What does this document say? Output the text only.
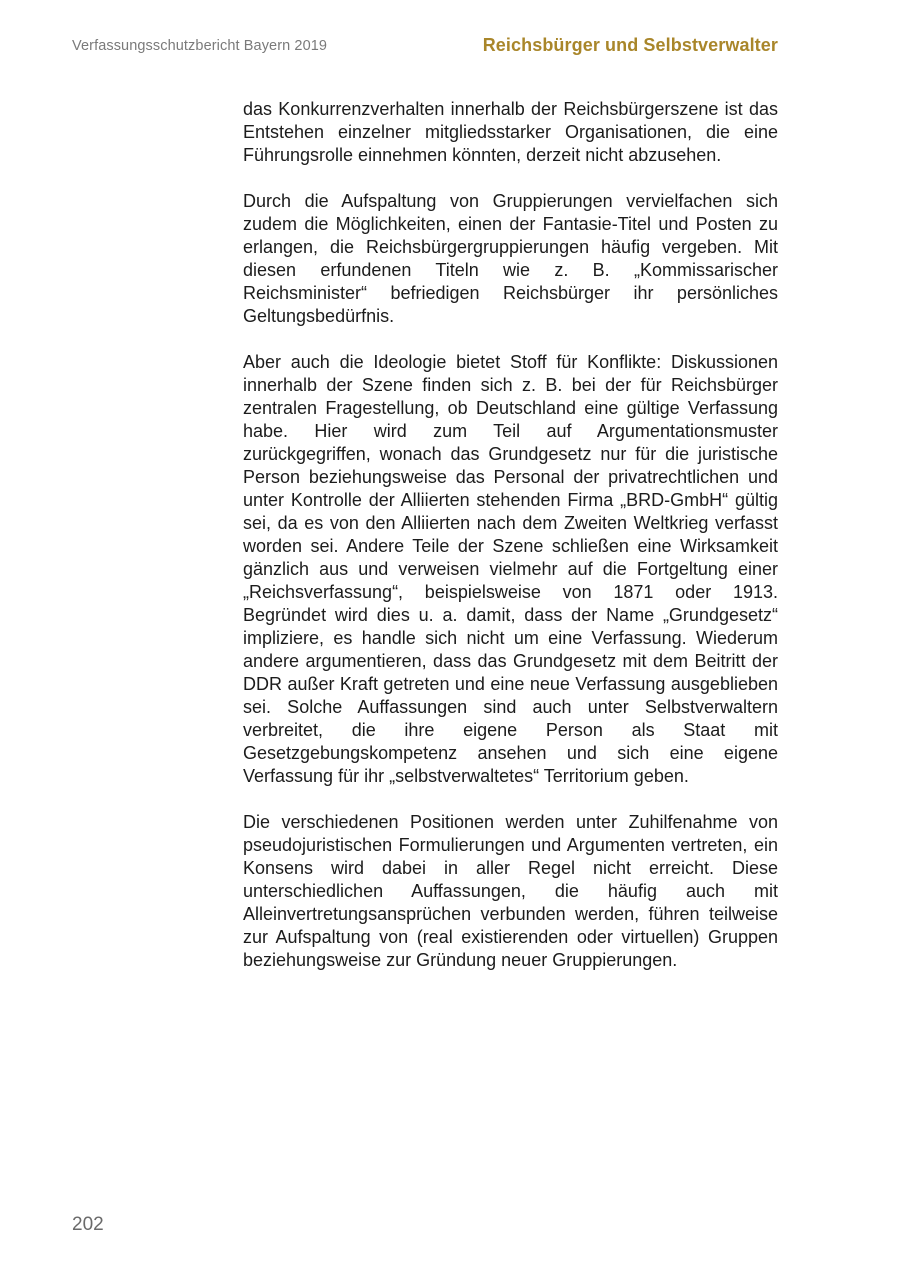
Verfassungsschutzbericht Bayern 2019	Reichsbürger und Selbstverwalter

das Konkurrenzverhalten innerhalb der Reichsbürgerszene ist das Entstehen einzelner mitgliedsstarker Organisationen, die eine Führungsrolle einnehmen könnten, derzeit nicht abzusehen.

Durch die Aufspaltung von Gruppierungen vervielfachen sich zudem die Möglichkeiten, einen der Fantasie-Titel und Posten zu erlangen, die Reichsbürgergruppierungen häufig vergeben. Mit diesen erfundenen Titeln wie z. B. „Kommissarischer Reichsminister“ befriedigen Reichsbürger ihr persönliches Geltungsbedürfnis.

Aber auch die Ideologie bietet Stoff für Konflikte: Diskussionen innerhalb der Szene finden sich z. B. bei der für Reichsbürger zentralen Fragestellung, ob Deutschland eine gültige Verfassung habe. Hier wird zum Teil auf Argumentationsmuster zurückgegriffen, wonach das Grundgesetz nur für die juristische Person beziehungsweise das Personal der privatrechtlichen und unter Kontrolle der Alliierten stehenden Firma „BRD-GmbH“ gültig sei, da es von den Alliierten nach dem Zweiten Weltkrieg verfasst worden sei. Andere Teile der Szene schließen eine Wirksamkeit gänzlich aus und verweisen vielmehr auf die Fortgeltung einer „Reichsverfassung“, beispielsweise von 1871 oder 1913. Begründet wird dies u. a. damit, dass der Name „Grundgesetz“ impliziere, es handle sich nicht um eine Verfassung. Wiederum andere argumentieren, dass das Grundgesetz mit dem Beitritt der DDR außer Kraft getreten und eine neue Verfassung ausgeblieben sei. Solche Auffassungen sind auch unter Selbstverwaltern verbreitet, die ihre eigene Person als Staat mit Gesetzgebungskompetenz ansehen und sich eine eigene Verfassung für ihr „selbstverwaltetes“ Territorium geben.

Die verschiedenen Positionen werden unter Zuhilfenahme von pseudojuristischen Formulierungen und Argumenten vertreten, ein Konsens wird dabei in aller Regel nicht erreicht. Diese unterschiedlichen Auffassungen, die häufig auch mit Alleinvertretungsansprüchen verbunden werden, führen teilweise zur Aufspaltung von (real existierenden oder virtuellen) Gruppen beziehungsweise zur Gründung neuer Gruppierungen.

202
